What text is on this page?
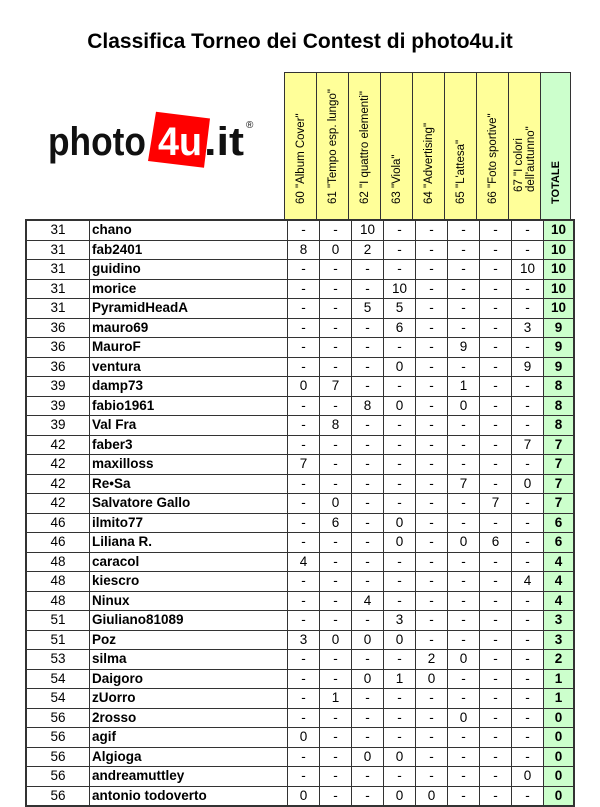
Classifica Torneo dei Contest di photo4u.it
photo 4u .it ®	60 "Album Cover" 61 "Tempo esp. lungo" 62 "I quattro elementi" 63 "Viola" 64 "Advertising" 65 "L'attesa" 66 "Foto sportive" 67 "I colori
dell'autunno" TOTALE
31	chano	-	-	10	-	-	-	-	-	10
31	fab2401	8	0	2	-	-	-	-	-	10
31	guidino	-	-	-	-	-	-	-	10	10
31	morice	-	-	-	10	-	-	-	-	10
31	PyramidHeadA	-	-	5	5	-	-	-	-	10
36	mauro69	-	-	-	6	-	-	-	3	9
36	MauroF	-	-	-	-	-	9	-	-	9
36	ventura	-	-	-	0	-	-	-	9	9
39	damp73	0	7	-	-	-	1	-	-	8
39	fabio1961	-	-	8	0	-	0	-	-	8
39	Val Fra	-	8	-	-	-	-	-	-	8
42	faber3	-	-	-	-	-	-	-	7	7
42	maxilloss	7	-	-	-	-	-	-	-	7
42	Re•Sa	-	-	-	-	-	7	-	0	7
42	Salvatore Gallo	-	0	-	-	-	-	7	-	7
46	ilmito77	-	6	-	0	-	-	-	-	6
46	Liliana R.	-	-	-	0	-	0	6	-	6
48	caracol	4	-	-	-	-	-	-	-	4
48	kiescro	-	-	-	-	-	-	-	4	4
48	Ninux	-	-	4	-	-	-	-	-	4
51	Giuliano81089	-	-	-	3	-	-	-	-	3
51	Poz	3	0	0	0	-	-	-	-	3
53	silma	-	-	-	-	2	0	-	-	2
54	Daigoro	-	-	0	1	0	-	-	-	1
54	zUorro	-	1	-	-	-	-	-	-	1
56	2rosso	-	-	-	-	-	0	-	-	0
56	agif	0	-	-	-	-	-	-	-	0
56	Algioga	-	-	0	0	-	-	-	-	0
56	andreamuttley	-	-	-	-	-	-	-	0	0
56	antonio todoverto	0	-	-	0	0	-	-	-	0
